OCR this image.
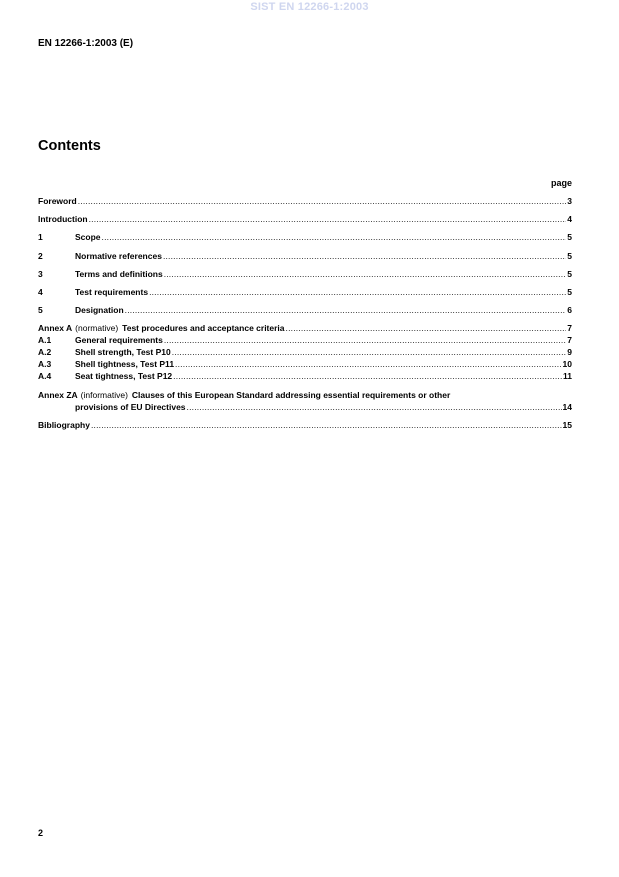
SIST EN 12266-1:2003
EN 12266-1:2003 (E)
Contents
page
Foreword .....	3
Introduction .....	4
1	Scope .....	5
2	Normative references .....	5
3	Terms and definitions .....	5
4	Test requirements .....	5
5	Designation .....	6
Annex A (normative) Test procedures and acceptance criteria .....	7
A.1	General requirements .....	7
A.2	Shell strength, Test P10 .....	9
A.3	Shell tightness, Test P11 .....	10
A.4	Seat tightness, Test P12 .....	11
Annex ZA (informative) Clauses of this European Standard addressing essential requirements or other
provisions of EU Directives .....	14
Bibliography .....	15
2
